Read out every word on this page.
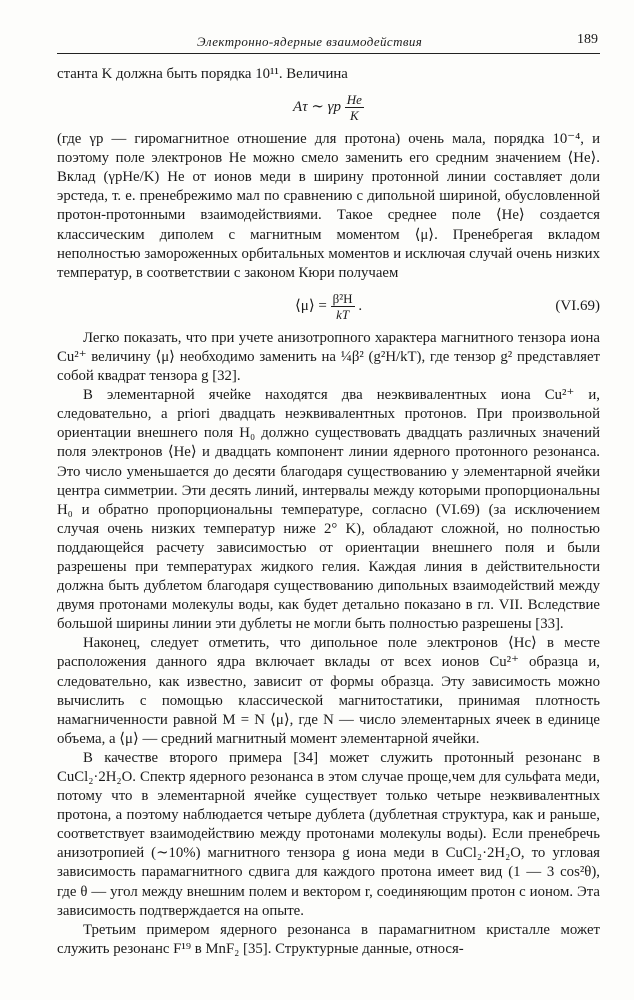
Электронно-ядерные взаимодействия	189

станта K должна быть порядка 10¹¹. Величина

Aτ ∼ γp $\frac{He}{K}$

(где γp — гиромагнитное отношение для протона) очень мала, порядка 10⁻⁴, и поэтому поле электронов He можно смело заменить его средним значением ⟨He⟩. Вклад (γpHe/K) He от ионов меди в ширину протонной линии составляет доли эрстеда, т. е. пренебрежимо мал по сравнению с дипольной шириной, обусловленной протон-протонными взаимодействиями. Такое среднее поле ⟨He⟩ создается классическим диполем с магнитным моментом ⟨μ⟩. Пренебрегая вкладом неполностью замороженных орбитальных моментов и исключая случай очень низких температур, в соответствии с законом Кюри получаем

⟨μ⟩ = $\frac{\text{β²H}}{kT}$ .	(VI.69)

Легко показать, что при учете анизотропного характера магнитного тензора иона Cu²⁺ величину ⟨μ⟩ необходимо заменить на ¼β² (g²H/kT), где тензор g² представляет собой квадрат тензора g [32].

В элементарной ячейке находятся два неэквивалентных иона Cu²⁺ и, следовательно, a priori двадцать неэквивалентных протонов. При произвольной ориентации внешнего поля H₀ должно существовать двадцать различных значений поля электронов ⟨He⟩ и двадцать компонент линии ядерного протонного резонанса. Это число уменьшается до десяти благодаря существованию у элементарной ячейки центра симметрии. Эти десять линий, интервалы между которыми пропорциональны H₀ и обратно пропорциональны температуре, согласно (VI.69) (за исключением случая очень низких температур ниже 2° K), обладают сложной, но полностью поддающейся расчету зависимостью от ориентации внешнего поля и были разрешены при температурах жидкого гелия. Каждая линия в действительности должна быть дублетом благодаря существованию дипольных взаимодействий между двумя протонами молекулы воды, как будет детально показано в гл. VII. Вследствие большой ширины линии эти дублеты не могли быть полностью разрешены [33].

Наконец, следует отметить, что дипольное поле электронов ⟨Hc⟩ в месте расположения данного ядра включает вклады от всех ионов Cu²⁺ образца и, следовательно, как известно, зависит от формы образца. Эту зависимость можно вычислить с помощью классической магнитостатики, принимая плотность намагниченности равной M = N ⟨μ⟩, где N — число элементарных ячеек в единице объема, а ⟨μ⟩ — средний магнитный момент элементарной ячейки.

В качестве второго примера [34] может служить протонный резонанс в CuCl₂·2H₂O. Спектр ядерного резонанса в этом случае проще,чем для сульфата меди, потому что в элементарной ячейке существует только четыре неэквивалентных протона, а поэтому наблюдается четыре дублета (дублетная структура, как и раньше, соответствует взаимодействию между протонами молекулы воды). Если пренебречь анизотропией (∼10%) магнитного тензора g иона меди в CuCl₂·2H₂O, то угловая зависимость парамагнитного сдвига для каждого протона имеет вид (1 — 3 cos²θ), где θ — угол между внешним полем и вектором r, соединяющим протон с ионом. Эта зависимость подтверждается на опыте.

Третьим примером ядерного резонанса в парамагнитном кристалле может служить резонанс F¹⁹ в MnF₂ [35]. Структурные данные, относя-
